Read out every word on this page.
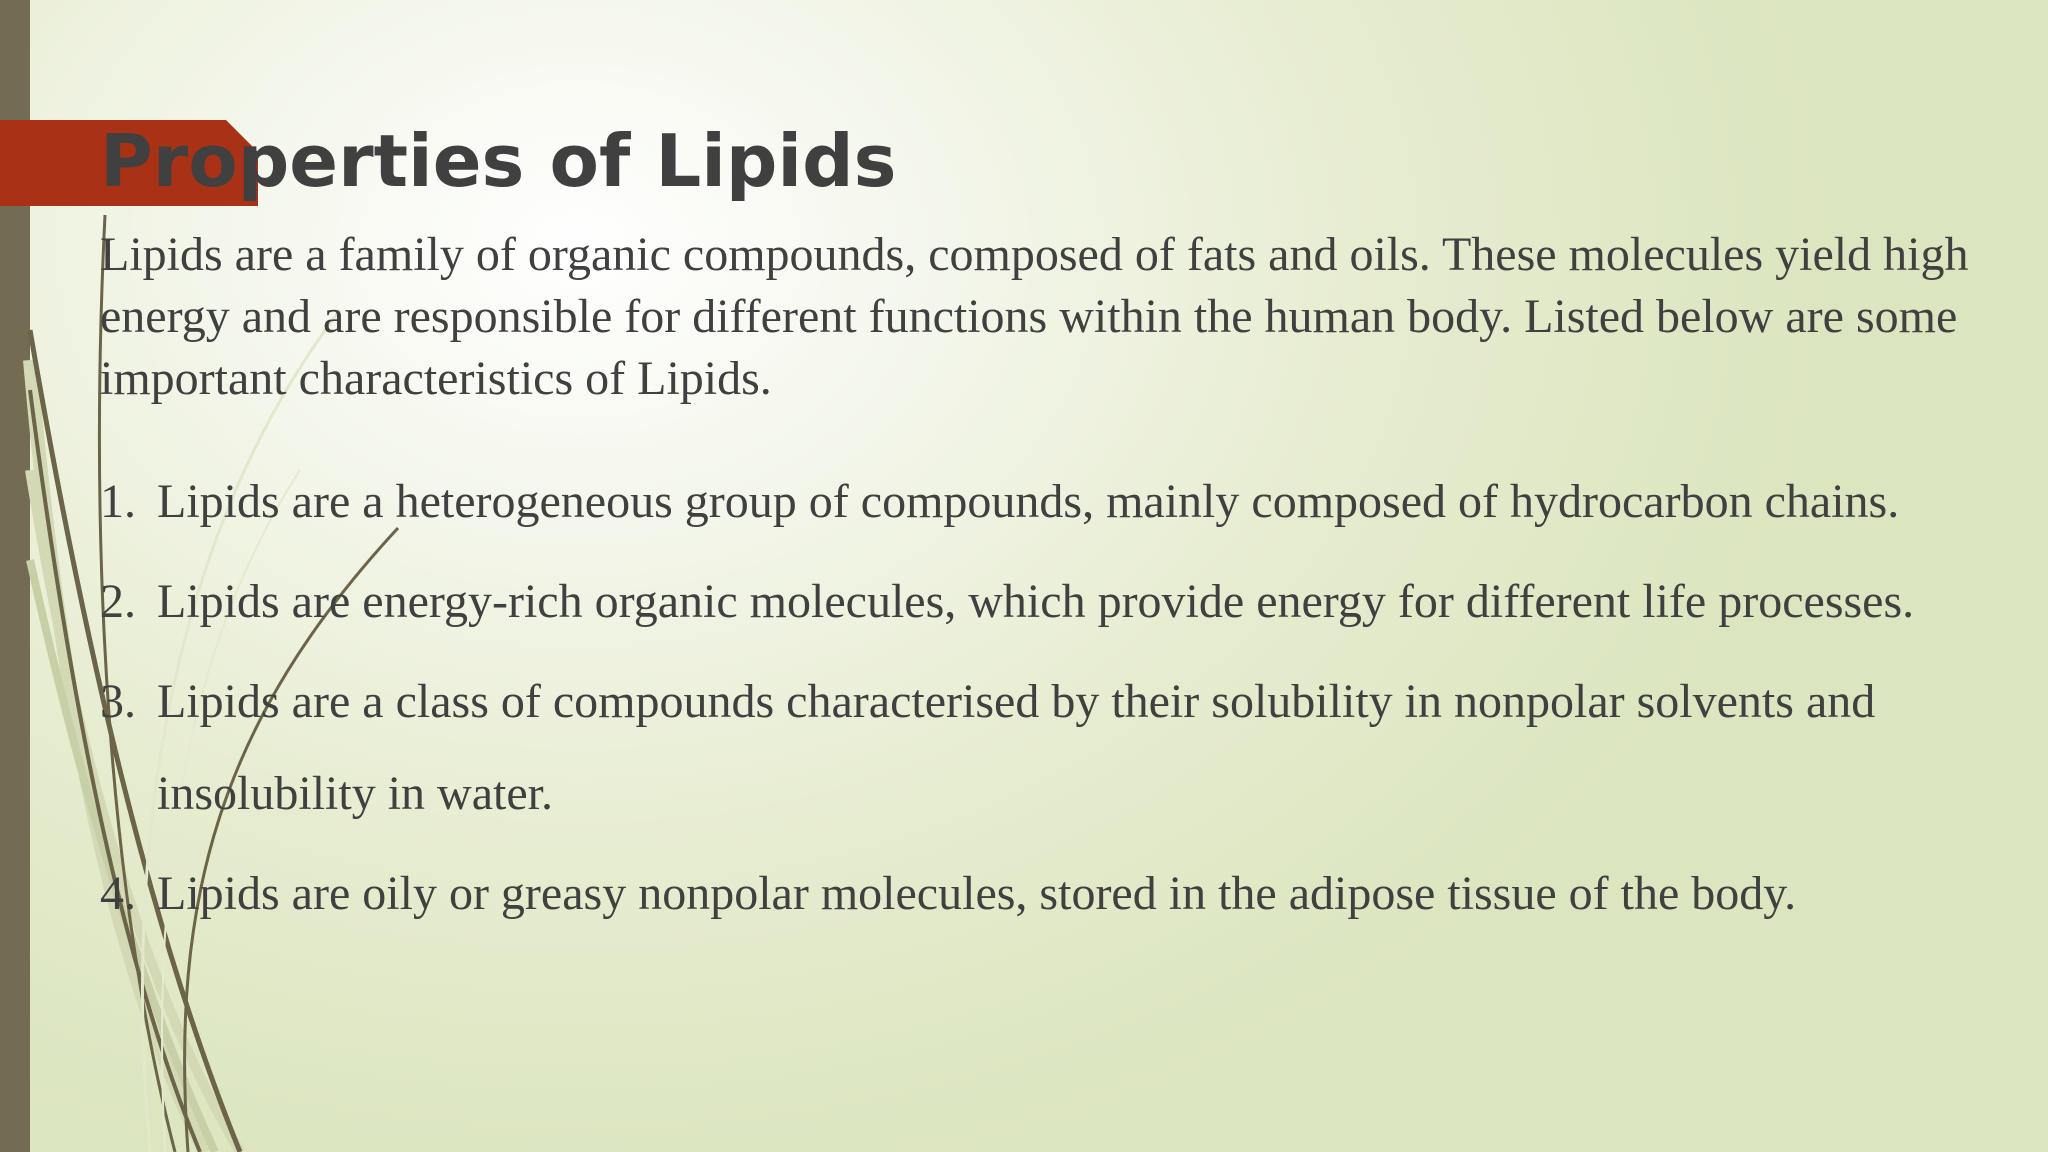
Properties of Lipids

Lipids are a family of organic compounds, composed of fats and oils. These molecules yield high energy and are responsible for different functions within the human body. Listed below are some important characteristics of Lipids.

1. Lipids are a heterogeneous group of compounds, mainly composed of hydrocarbon chains.
2. Lipids are energy-rich organic molecules, which provide energy for different life processes.
3. Lipids are a class of compounds characterised by their solubility in nonpolar solvents and insolubility in water.
4. Lipids are oily or greasy nonpolar molecules, stored in the adipose tissue of the body.
